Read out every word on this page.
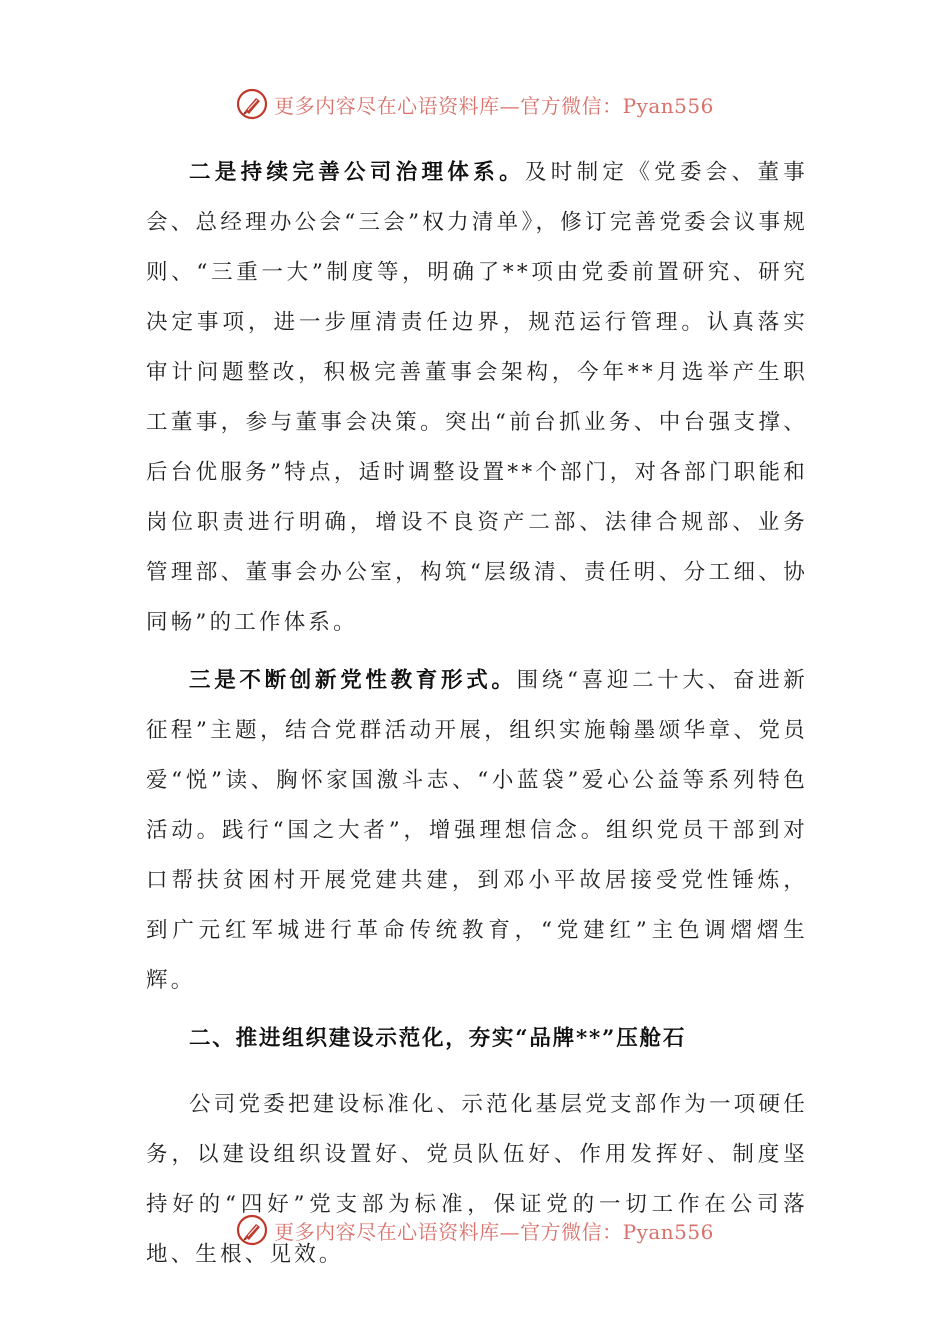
更多内容尽在心语资料库—官方微信：Pyan556

二是持续完善公司治理体系。及时制定《党委会、董事会、总经理办公会“三会”权力清单》，修订完善党委会议事规则、“三重一大”制度等，明确了**项由党委前置研究、研究决定事项，进一步厘清责任边界，规范运行管理。认真落实审计问题整改，积极完善董事会架构，今年**月选举产生职工董事，参与董事会决策。突出“前台抓业务、中台强支撑、后台优服务”特点，适时调整设置**个部门，对各部门职能和岗位职责进行明确，增设不良资产二部、法律合规部、业务管理部、董事会办公室，构筑“层级清、责任明、分工细、协同畅”的工作体系。

三是不断创新党性教育形式。围绕“喜迎二十大、奋进新征程”主题，结合党群活动开展，组织实施翰墨颂华章、党员爱“悦”读、胸怀家国激斗志、“小蓝袋”爱心公益等系列特色活动。践行“国之大者”，增强理想信念。组织党员干部到对口帮扶贫困村开展党建共建，到邓小平故居接受党性锤炼，到广元红军城进行革命传统教育，“党建红”主色调熠熠生辉。

二、推进组织建设示范化，夯实“品牌**”压舱石

公司党委把建设标准化、示范化基层党支部作为一项硬任务，以建设组织设置好、党员队伍好、作用发挥好、制度坚持好的“四好”党支部为标准，保证党的一切工作在公司落地、生根、见效。

更多内容尽在心语资料库—官方微信：Pyan556
